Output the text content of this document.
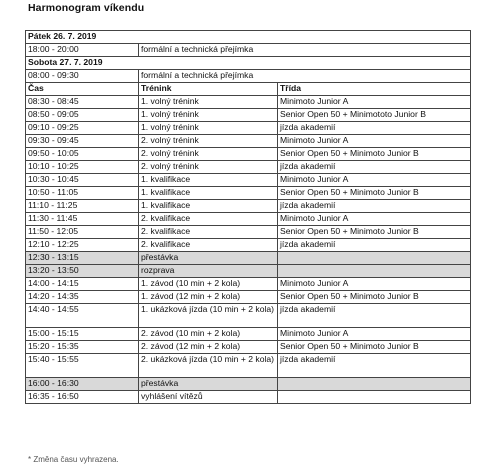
Harmonogram víkendu
Pátek 26. 7. 2019		
18:00 - 20:00	formální a technická přejímka	
Sobota 27. 7. 2019		
08:00 - 09:30	formální a technická přejímka	
Čas	Trénink	Třída
08:30 - 08:45	1. volný trénink	Minimoto Junior A
08:50 - 09:05	1. volný trénink	Senior Open 50 + Minimototo Junior B
09:10 - 09:25	1. volný trénink	jízda akademií
09:30 - 09:45	2. volný trénink	Minimoto Junior A
09:50 - 10:05	2. volný trénink	Senior Open 50 + Minimoto Junior B
10:10 - 10:25	2. volný trénink	jízda akademií
10:30 - 10:45	1. kvalifikace	Minimoto Junior A
10:50 - 11:05	1. kvalifikace	Senior Open 50 + Minimoto Junior B
11:10 - 11:25	1. kvalifikace	jízda akademií
11:30 - 11:45	2. kvalifikace	Minimoto Junior A
11:50 - 12:05	2. kvalifikace	Senior Open 50 + Minimoto Junior B
12:10 - 12:25	2. kvalifikace	jízda akademií
12:30 - 13:15	přestávka	
13:20 - 13:50	rozprava	
14:00 - 14:15	1. závod (10 min + 2 kola)	Minimoto Junior A
14:20 - 14:35	1. závod (12 min + 2 kola)	Senior Open 50 + Minimoto Junior B
14:40 - 14:55	1. ukázková jízda (10 min + 2 kola)	jízda akademií
15:00 - 15:15	2. závod (10 min + 2 kola)	Minimoto Junior A
15:20 - 15:35	2. závod (12 min + 2 kola)	Senior Open 50 + Minimoto Junior B
15:40 - 15:55	2. ukázková jízda (10 min + 2 kola)	jízda akademií
16:00 - 16:30	přestávka	
16:35 - 16:50	vyhlášení vítězů	
* Změna času vyhrazena.
